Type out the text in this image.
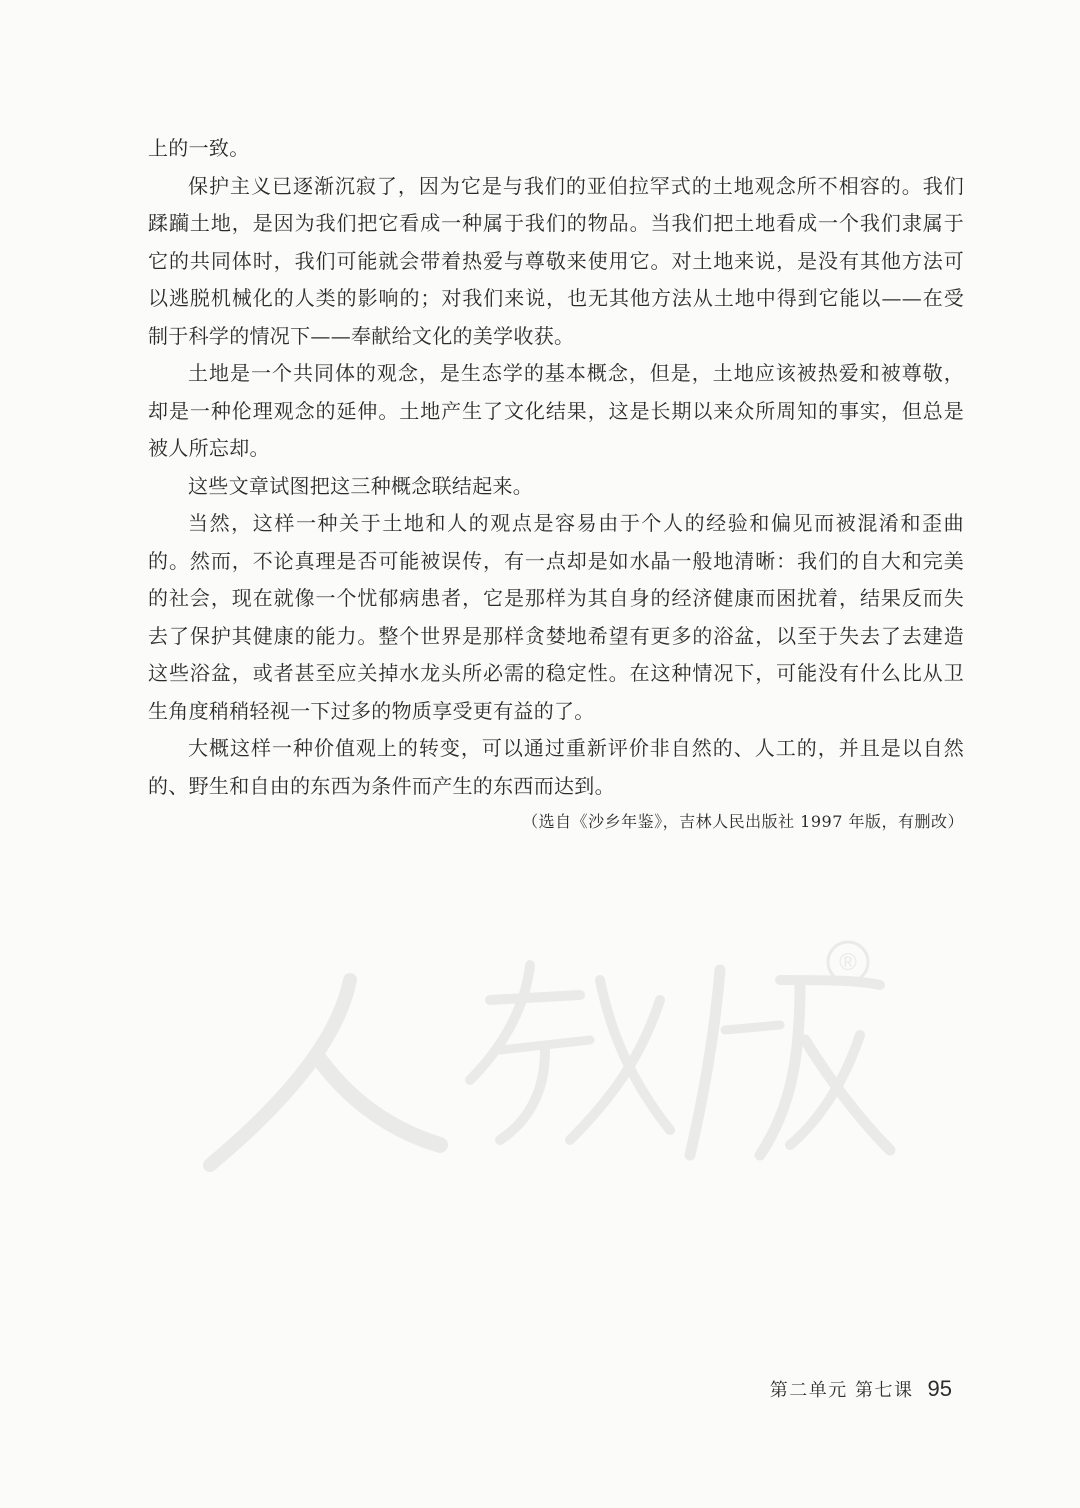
上的一致。
保护主义已逐渐沉寂了，因为它是与我们的亚伯拉罕式的土地观念所不相容的。我们
蹂躏土地，是因为我们把它看成一种属于我们的物品。当我们把土地看成一个我们隶属于
它的共同体时，我们可能就会带着热爱与尊敬来使用它。对土地来说，是没有其他方法可
以逃脱机械化的人类的影响的；对我们来说，也无其他方法从土地中得到它能以——在受
制于科学的情况下——奉献给文化的美学收获。
土地是一个共同体的观念，是生态学的基本概念，但是，土地应该被热爱和被尊敬，
却是一种伦理观念的延伸。土地产生了文化结果，这是长期以来众所周知的事实，但总是
被人所忘却。
这些文章试图把这三种概念联结起来。
当然，这样一种关于土地和人的观点是容易由于个人的经验和偏见而被混淆和歪曲
的。然而，不论真理是否可能被误传，有一点却是如水晶一般地清晰：我们的自大和完美
的社会，现在就像一个忧郁病患者，它是那样为其自身的经济健康而困扰着，结果反而失
去了保护其健康的能力。整个世界是那样贪婪地希望有更多的浴盆，以至于失去了去建造
这些浴盆，或者甚至应关掉水龙头所必需的稳定性。在这种情况下，可能没有什么比从卫
生角度稍稍轻视一下过多的物质享受更有益的了。
大概这样一种价值观上的转变，可以通过重新评价非自然的、人工的，并且是以自然
的、野生和自由的东西为条件而产生的东西而达到。
（选自《沙乡年鉴》，吉林人民出版社 1997 年版，有删改）
®
第二单元 第七课 95
